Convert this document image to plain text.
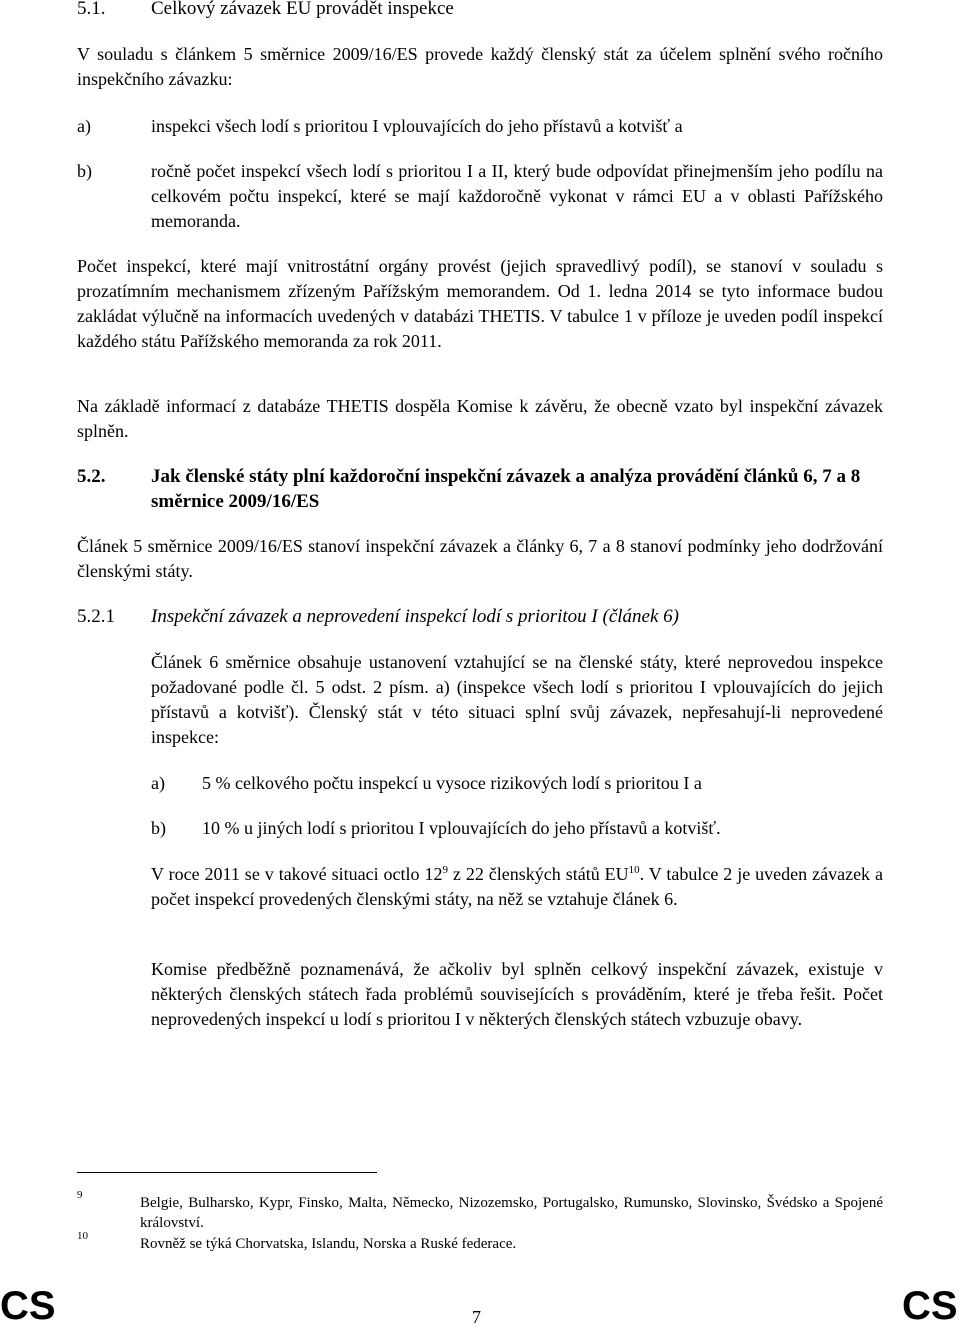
5.1. Celkový závazek EU provádět inspekce

V souladu s článkem 5 směrnice 2009/16/ES provede každý členský stát za účelem splnění svého ročního inspekčního závazku:

a)	inspekci všech lodí s prioritou I vplouvajících do jeho přístavů a kotvišť a

b)	ročně počet inspekcí všech lodí s prioritou I a II, který bude odpovídat přinejmenším jeho podílu na celkovém počtu inspekcí, které se mají každoročně vykonat v rámci EU a v oblasti Pařížského memoranda.

Počet inspekcí, které mají vnitrostátní orgány provést (jejich spravedlivý podíl), se stanoví v souladu s prozatímním mechanismem zřízeným Pařížským memorandem. Od 1. ledna 2014 se tyto informace budou zakládat výlučně na informacích uvedených v databázi THETIS. V tabulce 1 v příloze je uveden podíl inspekcí každého státu Pařížského memoranda za rok 2011.

Na základě informací z databáze THETIS dospěla Komise k závěru, že obecně vzato byl inspekční závazek splněn.

5.2. Jak členské státy plní každoroční inspekční závazek a analýza provádění článků 6, 7 a 8 směrnice 2009/16/ES

Článek 5 směrnice 2009/16/ES stanoví inspekční závazek a články 6, 7 a 8 stanoví podmínky jeho dodržování členskými státy.

5.2.1 Inspekční závazek a neprovedení inspekcí lodí s prioritou I (článek 6)

Článek 6 směrnice obsahuje ustanovení vztahující se na členské státy, které neprovedou inspekce požadované podle čl. 5 odst. 2 písm. a) (inspekce všech lodí s prioritou I vplouvajících do jejich přístavů a kotvišť). Členský stát v této situaci splní svůj závazek, nepřesahují-li neprovedené inspekce:

a) 5 % celkového počtu inspekcí u vysoce rizikových lodí s prioritou I a

b) 10 % u jiných lodí s prioritou I vplouvajících do jeho přístavů a kotvišť.

V roce 2011 se v takové situaci octlo $12^9$ z 22 členských států EU$^{10}$. V tabulce 2 je uveden závazek a počet inspekcí provedených členskými státy, na něž se vztahuje článek 6.

Komise předběžně poznamenává, že ačkoliv byl splněn celkový inspekční závazek, existuje v některých členských státech řada problémů souvisejících s prováděním, které je třeba řešit. Počet neprovedených inspekcí u lodí s prioritou I v některých členských státech vzbuzuje obavy.

9	Belgie, Bulharsko, Kypr, Finsko, Malta, Německo, Nizozemsko, Portugalsko, Rumunsko, Slovinsko, Švédsko a Spojené království.

10	Rovněž se týká Chorvatska, Islandu, Norska a Ruské federace.

CS	7	CS
